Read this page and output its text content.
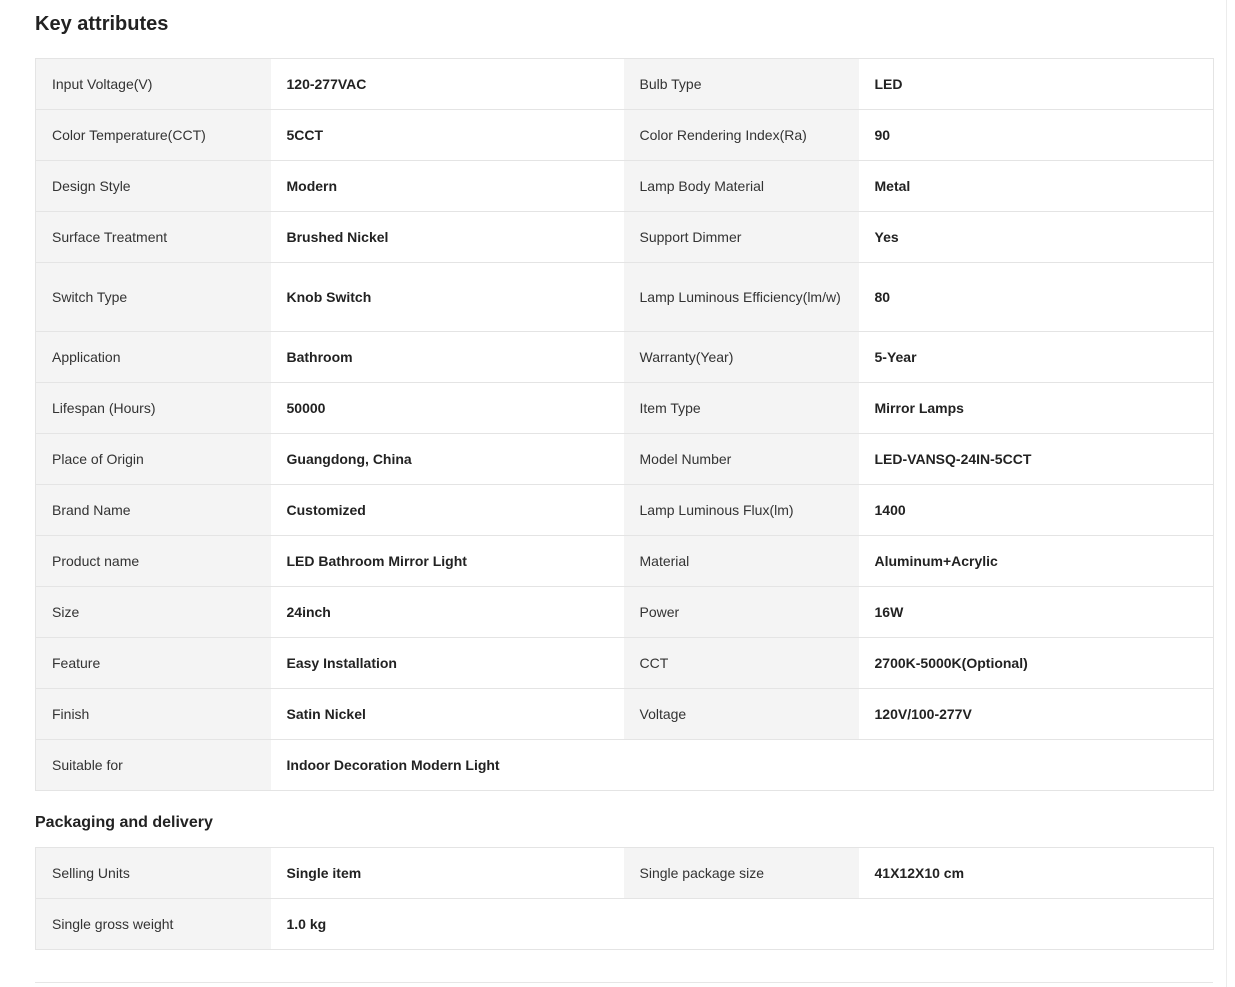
Key attributes
Input Voltage(V)	120-277VAC	Bulb Type	LED
Color Temperature(CCT)	5CCT	Color Rendering Index(Ra)	90
Design Style	Modern	Lamp Body Material	Metal
Surface Treatment	Brushed Nickel	Support Dimmer	Yes
Switch Type	Knob Switch	Lamp Luminous Efficiency(lm/w)	80
Application	Bathroom	Warranty(Year)	5-Year
Lifespan (Hours)	50000	Item Type	Mirror Lamps
Place of Origin	Guangdong, China	Model Number	LED-VANSQ-24IN-5CCT
Brand Name	Customized	Lamp Luminous Flux(lm)	1400
Product name	LED Bathroom Mirror Light	Material	Aluminum+Acrylic
Size	24inch	Power	16W
Feature	Easy Installation	CCT	2700K-5000K(Optional)
Finish	Satin Nickel	Voltage	120V/100-277V
Suitable for	Indoor Decoration Modern Light		
Packaging and delivery
Selling Units	Single item	Single package size	41X12X10 cm
Single gross weight	1.0 kg		
